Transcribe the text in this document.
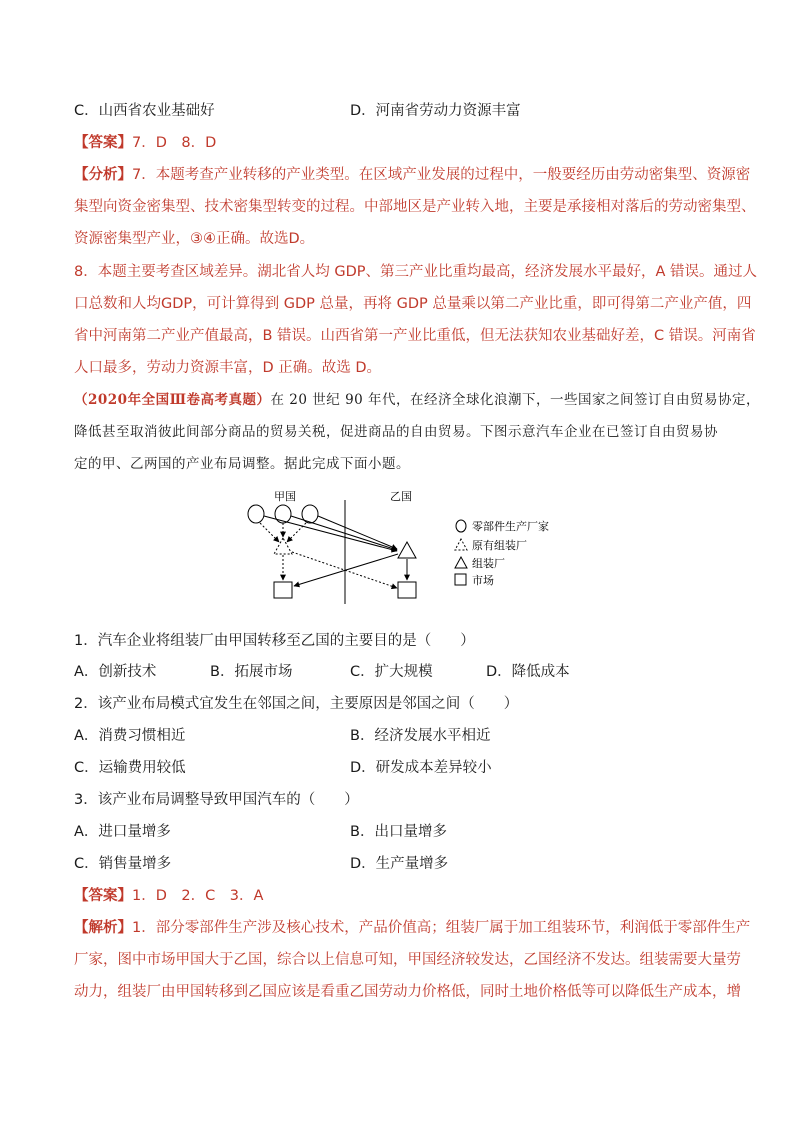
C．山西省农业基础好	D．河南省劳动力资源丰富
【答案】7．D　8．D
【分析】7．本题考查产业转移的产业类型。在区域产业发展的过程中，一般要经历由劳动密集型、资源密
集型向资金密集型、技术密集型转变的过程。中部地区是产业转入地，主要是承接相对落后的劳动密集型、
资源密集型产业，③④正确。故选D。
8．本题主要考查区域差异。湖北省人均 GDP、第三产业比重均最高，经济发展水平最好，A 错误。通过人
口总数和人均GDP，可计算得到 GDP 总量，再将 GDP 总量乘以第二产业比重，即可得第二产业产值，四
省中河南第二产业产值最高，B 错误。山西省第一产业比重低，但无法获知农业基础好差，C 错误。河南省
人口最多，劳动力资源丰富，D 正确。故选 D。
（2020年全国Ⅲ卷高考真题）在 20 世纪 90 年代，在经济全球化浪潮下，一些国家之间签订自由贸易协定，
降低甚至取消彼此间部分商品的贸易关税，促进商品的自由贸易。下图示意汽车企业在已签订自由贸易协
定的甲、乙两国的产业布局调整。据此完成下面小题。
甲国	乙国
零部件生产厂家
原有组装厂
组装厂
市场
1．汽车企业将组装厂由甲国转移至乙国的主要目的是（　　）
A．创新技术	B．拓展市场	C．扩大规模	D．降低成本
2．该产业布局模式宜发生在邻国之间，主要原因是邻国之间（　　）
A．消费习惯相近	B．经济发展水平相近
C．运输费用较低	D．研发成本差异较小
3．该产业布局调整导致甲国汽车的（　　）
A．进口量增多	B．出口量增多
C．销售量增多	D．生产量增多
【答案】1．D　2．C　3．A
【解析】1．部分零部件生产涉及核心技术，产品价值高；组装厂属于加工组装环节，利润低于零部件生产
厂家，图中市场甲国大于乙国，综合以上信息可知，甲国经济较发达，乙国经济不发达。组装需要大量劳
动力，组装厂由甲国转移到乙国应该是看重乙国劳动力价格低，同时土地价格低等可以降低生产成本，增
